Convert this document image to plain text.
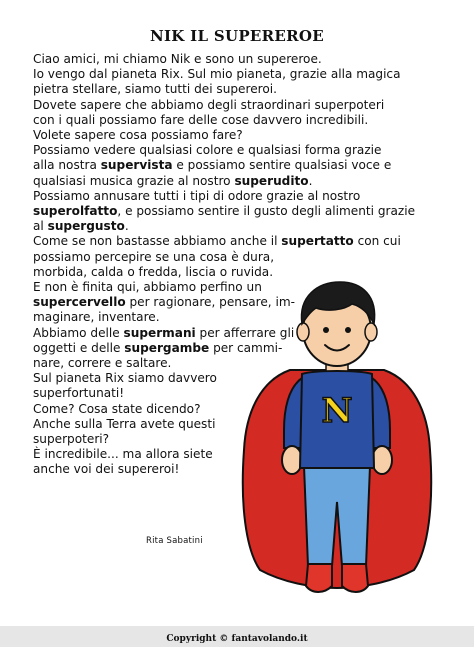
NIK IL SUPEREROE
Ciao amici, mi chiamo Nik e sono un supereroe.
Io vengo dal pianeta Rix. Sul mio pianeta, grazie alla magica
pietra stellare, siamo tutti dei supereroi.
Dovete sapere che abbiamo degli straordinari superpoteri
con i quali possiamo fare delle cose davvero incredibili.
Volete sapere cosa possiamo fare?
Possiamo vedere qualsiasi colore e qualsiasi forma grazie
alla nostra supervista e possiamo sentire qualsiasi voce e
qualsiasi musica grazie al nostro superudito.
Possiamo annusare tutti i tipi di odore grazie al nostro
superolfatto, e possiamo sentire il gusto degli alimenti grazie
al supergusto.
Come se non bastasse abbiamo anche il supertatto con cui
possiamo percepire se una cosa è dura,
morbida, calda o fredda, liscia o ruvida.
E non è finita qui, abbiamo perfino un
supercervello per ragionare, pensare, im-
maginare, inventare.
Abbiamo delle supermani per afferrare gli
oggetti e delle supergambe per cammi-
nare, correre e saltare.
Sul pianeta Rix siamo davvero
superfortunati!
Come? Cosa state dicendo?
Anche sulla Terra avete questi
superpoteri?
È incredibile... ma allora siete
anche voi dei supereroi!
Rita Sabatini
N
Copyright © fantavolando.it
